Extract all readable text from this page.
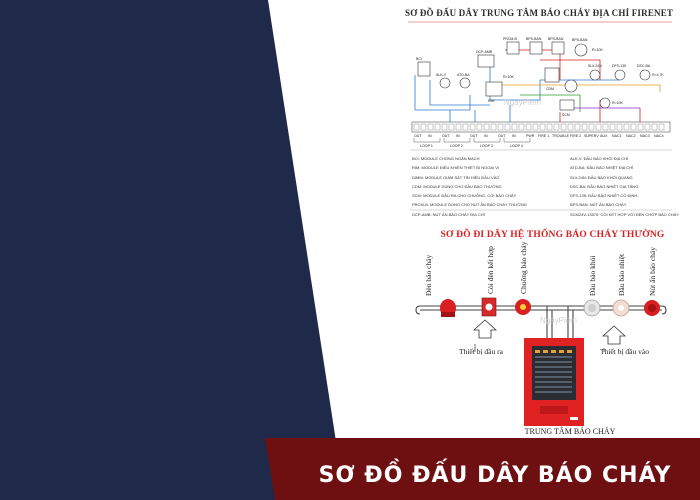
SƠ ĐỒ ĐẤU DÂY TRUNG TÂM BÁO CHÁY ĐỊA CHỈ FIRENET
BCI
ALK-V	ATD-BA
DCP-AMB
PRCM-B	BPS-BAN BPS-BAN BPS-BAN
CDM
RIM
SCM
R=10K
R=10K
SLV-24N	DFS-135	DSC-BA
R=4,7K
R=10K
OUT IN	OUT IN	OUT IN	OUT IN	PWR FIRE 1 TROUBLE FIRE 2 SUPERV AUX NAC1 NAC2 NAC3 NAC4
LOOP 1	LOOP 2	LOOP 3	LOOP 4
BCI: MODULE CHỐNG NGẮN MẠCH
RIM: MODULE ĐIỀU KHIỂN THIẾT BỊ NGOẠI VI
DIMM: MODULE GIÁM SÁT TÍN HIỆU ĐẦU VÀO
CDM: MODULE DÙNG CHO ĐẦU BÁO THƯỜNG
SCM: MODULE ĐẦU RA CHO CHUÔNG, CÒI BÁO CHÁY
PRCM-B: MODULE DÙNG CHO NÚT ẤN BÁO CHÁY THƯỜNG
DCP-AMB: NÚT ẤN BÁO CHÁY ĐỊA CHỈ
ALK-V: ĐẦU BÁO KHÓI ĐỊA CHỈ
ATD-BA: ĐẦU BÁO NHIỆT ĐỊA CHỈ
SLV-24N: ĐẦU BÁO KHÓI QUANG
DSC-BA: ĐẦU BÁO NHIỆT GIA TĂNG
DFS-135: ĐẦU BÁO NHIỆT CỐ ĐỊNH
BPS-BAN: NÚT ẤN BÁO CHÁY
SCM24V-13570: CÒI KẾT HỢP VỚI ĐÈN CHỚP BÁO CHÁY
SƠ ĐỒ ĐI DÂY HỆ THỐNG BÁO CHÁY THƯỜNG
Đèn báo cháy	Còi đèn kết hợp	Chuông báo cháy	Đầu báo khói	Đầu báo nhiệt	Nút ấn báo cháy
Thiết bị đầu ra	Thiết bị đầu vào
TRUNG TÂM BÁO CHÁY
NgayPlem
NgayPlem
SƠ ĐỒ ĐẤU DÂY BÁO CHÁY
